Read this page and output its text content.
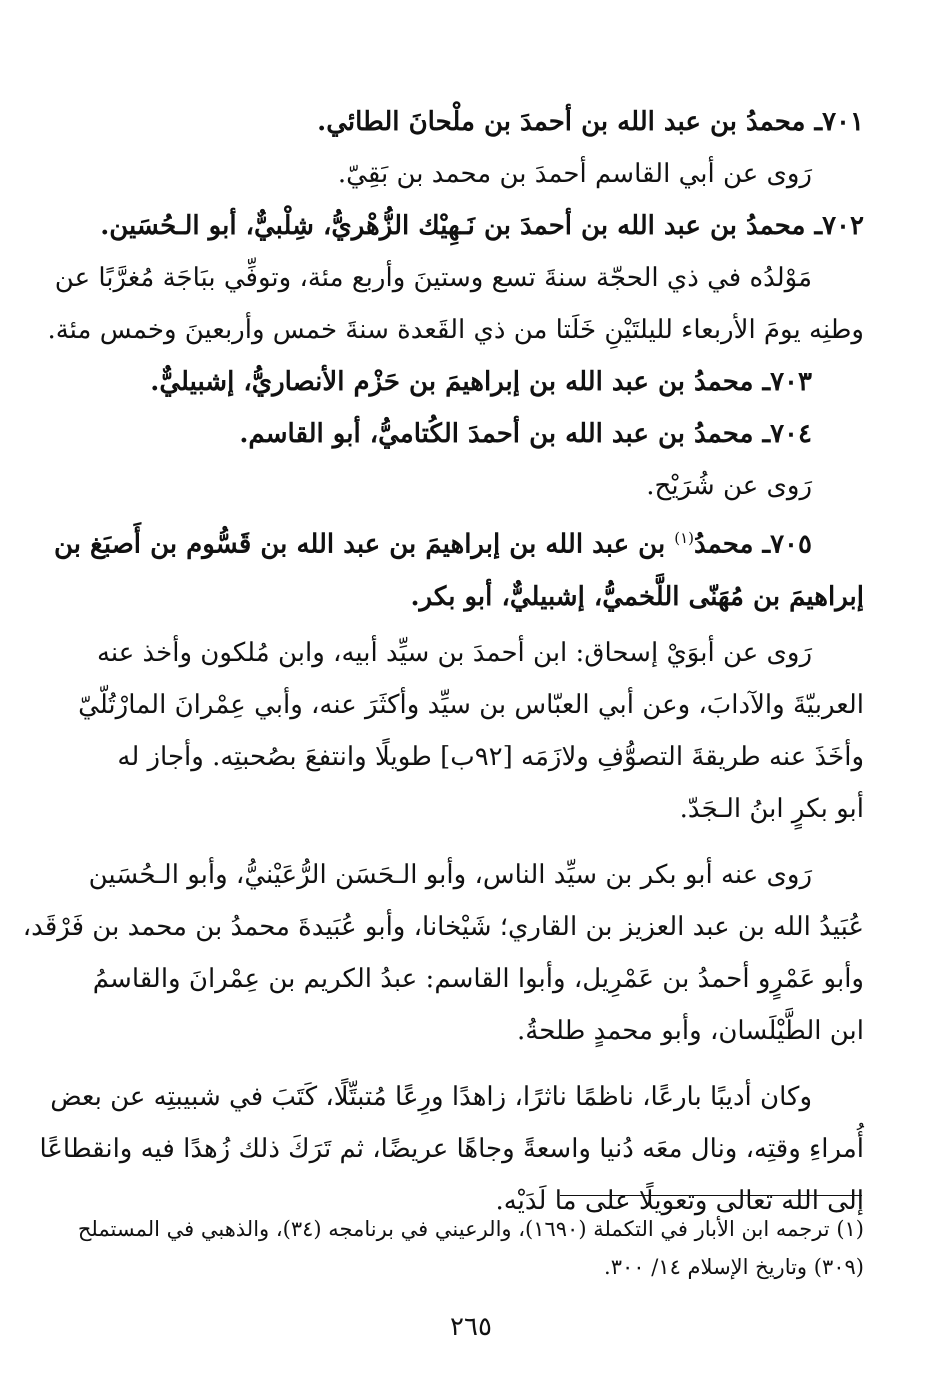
٧٠١ـ محمدُ بن عبد الله بن أحمدَ بن ملْحانَ الطائي.
رَوى عن أبي القاسم أحمدَ بن محمد بن بَقِيّ.
٧٠٢ـ محمدُ بن عبد الله بن أحمدَ بن نَـهِيْك الزُّهْريُّ، شِلْبيٌّ، أبو الـحُسَين.
مَوْلدُه في ذي الحجّة سنةَ تسع وستينَ وأربع مئة، وتوفِّي ببَاجَة مُغرَّبًا عن
وطنِه يومَ الأربعاء لليلتَيْنِ خَلَتا من ذي القَعدة سنةَ خمس وأربعينَ وخمس مئة.
٧٠٣ـ محمدُ بن عبد الله بن إبراهيمَ بن حَزْم الأنصاريُّ، إشبيليٌّ.
٧٠٤ـ محمدُ بن عبد الله بن أحمدَ الكُتاميُّ، أبو القاسم.
رَوى عن شُرَيْح.
٧٠٥ـ محمدُ$^{(١)}$ بن عبد الله بن إبراهيمَ بن عبد الله بن قَسُّوم بن أَصبَغ بن
إبراهيمَ بن مُهَنّى اللَّخميُّ، إشبيليٌّ، أبو بكر.
رَوى عن أبوَيْ إسحاق: ابن أحمدَ بن سيِّد أبيه، وابن مُلكون وأخذ عنه
العربيّةَ والآدابَ، وعن أبي العبّاس بن سيِّد وأكثَرَ عنه، وأبي عِمْرانَ المارْتُلّيّ
وأخَذَ عنه طريقةَ التصوُّفِ ولازَمَه [٩٢ب] طويلًا وانتفعَ بصُحبتِه. وأجاز له
أبو بكرٍ ابنُ الـجَدّ.
رَوى عنه أبو بكر بن سيِّد الناس، وأبو الـحَسَن الرُّعَيْنيُّ، وأبو الـحُسَين
عُبَيدُ الله بن عبد العزيز بن القاري؛ شَيْخانا، وأبو عُبَيدةَ محمدُ بن محمد بن فَرْقَد،
وأبو عَمْرٍو أحمدُ بن عَمْرِيل، وأبوا القاسم: عبدُ الكريم بن عِمْرانَ والقاسمُ
ابن الطَّيْلَسان، وأبو محمدٍ طلحةُ.
وكان أديبًا بارعًا، ناظمًا ناثرًا، زاهدًا ورِعًا مُتبتِّلًا، كَتَبَ في شبيبتِه عن بعض
أُمراءِ وقتِه، ونال معَه دُنيا واسعةً وجاهًا عريضًا، ثم تَرَكَ ذلك زُهدًا فيه وانقطاعًا
إلى الله تعالى وتعويلًا على ما لَدَيْه.
(١) ترجمه ابن الأبار في التكملة (١٦٩٠)، والرعيني في برنامجه (٣٤)، والذهبي في المستملح
(٣٠٩) وتاريخ الإسلام ١٤/ ٣٠٠.
٢٦٥
